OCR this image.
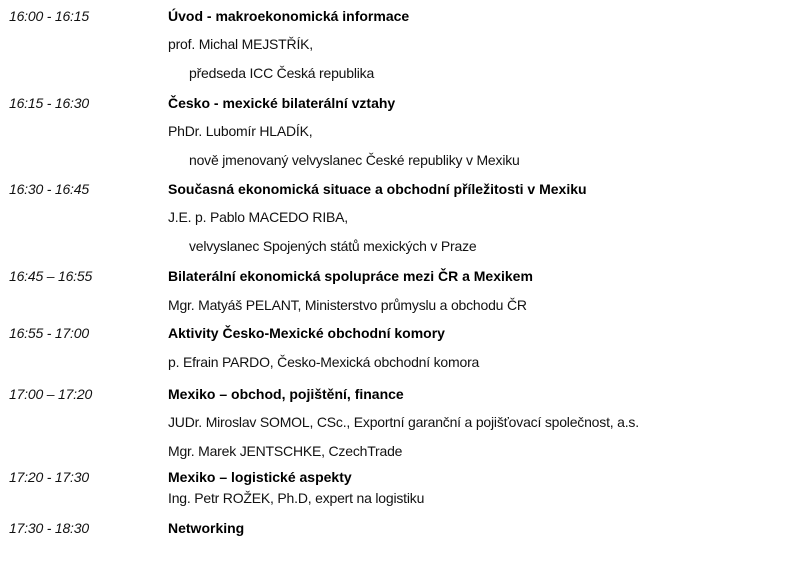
16:00 - 16:15	Úvod - makroekonomická informace
prof. Michal MEJSTŘÍK,
předseda ICC Česká republika
16:15 - 16:30	Česko - mexické bilaterální vztahy
PhDr. Lubomír HLADÍK,
nově jmenovaný velvyslanec České republiky v Mexiku
16:30 - 16:45	Současná ekonomická situace a obchodní příležitosti v Mexiku
J.E. p. Pablo MACEDO RIBA,
velvyslanec Spojených států mexických v Praze
16:45 – 16:55	Bilaterální ekonomická spolupráce mezi ČR a Mexikem
Mgr. Matyáš PELANT, Ministerstvo průmyslu a obchodu ČR
16:55 - 17:00	Aktivity Česko-Mexické obchodní komory
p. Efrain PARDO, Česko-Mexická obchodní komora
17:00 – 17:20	Mexiko – obchod, pojištění, finance
JUDr. Miroslav SOMOL, CSc., Exportní garanční a pojišťovací společnost, a.s.
Mgr. Marek JENTSCHKE, CzechTrade
17:20 - 17:30	Mexiko – logistické aspekty
Ing. Petr ROŽEK, Ph.D, expert na logistiku
17:30 - 18:30	Networking
